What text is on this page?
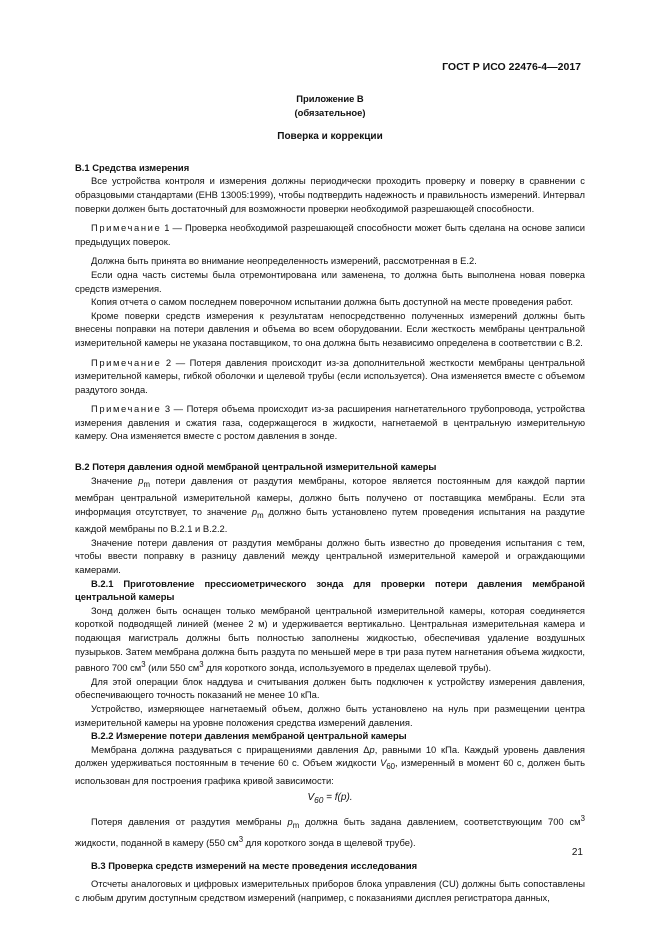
ГОСТ Р ИСО 22476-4—2017

Приложение В

(обязательное)

Поверка и коррекции

В.1 Средства измерения

Все устройства контроля и измерения должны периодически проходить проверку и поверку в сравнении с образцовыми стандартами (ЕНВ 13005:1999), чтобы подтвердить надежность и правильность измерений. Интервал поверки должен быть достаточный для возможности проверки необходимой разрешающей способности.

Примечание 1 — Проверка необходимой разрешающей способности может быть сделана на основе записи предыдущих поверок.

Должна быть принята во внимание неопределенность измерений, рассмотренная в Е.2.

Если одна часть системы была отремонтирована или заменена, то должна быть выполнена новая поверка средств измерения.

Копия отчета о самом последнем поверочном испытании должна быть доступной на месте проведения работ.

Кроме поверки средств измерения к результатам непосредственно полученных измерений должны быть внесены поправки на потери давления и объема во всем оборудовании. Если жесткость мембраны центральной измерительной камеры не указана поставщиком, то она должна быть независимо определена в соответствии с В.2.

Примечание 2 — Потеря давления происходит из-за дополнительной жесткости мембраны центральной измерительной камеры, гибкой оболочки и щелевой трубы (если используется). Она изменяется вместе с объемом раздутого зонда.

Примечание 3 — Потеря объема происходит из-за расширения нагнетательного трубопровода, устройства измерения давления и сжатия газа, содержащегося в жидкости, нагнетаемой в центральную измерительную камеру. Она изменяется вместе с ростом давления в зонде.

В.2 Потеря давления одной мембраной центральной измерительной камеры

Значение $p_m$ потери давления от раздутия мембраны, которое является постоянным для каждой партии мембран центральной измерительной камеры, должно быть получено от поставщика мембраны. Если эта информация отсутствует, то значение $p_m$ должно быть установлено путем проведения испытания на раздутие каждой мембраны по В.2.1 и В.2.2.

Значение потери давления от раздутия мембраны должно быть известно до проведения испытания с тем, чтобы ввести поправку в разницу давлений между центральной измерительной камерой и ограждающими камерами.

В.2.1 Приготовление прессиометрического зонда для проверки потери давления мембраной центральной камеры

Зонд должен быть оснащен только мембраной центральной измерительной камеры, которая соединяется короткой подводящей линией (менее 2 м) и удерживается вертикально. Центральная измерительная камера и подающая магистраль должны быть полностью заполнены жидкостью, обеспечивая удаление воздушных пузырьков. Затем мембрана должна быть раздута по меньшей мере в три раза путем нагнетания объема жидкости, равного 700 $см^3$ (или 550 $см^3$ для короткого зонда, используемого в пределах щелевой трубы).

Для этой операции блок наддува и считывания должен быть подключен к устройству измерения давления, обеспечивающего точность показаний не менее 10 кПа.

Устройство, измеряющее нагнетаемый объем, должно быть установлено на нуль при размещении центра измерительной камеры на уровне положения средства измерений давления.

В.2.2 Измерение потери давления мембраной центральной камеры

Мембрана должна раздуваться с приращениями давления Δp, равными 10 кПа. Каждый уровень давления должен удерживаться постоянным в течение 60 с. Объем жидкости $V_{60}$, измеренный в момент 60 с, должен быть использован для построения графика кривой зависимости:

$V_{60} = f(p)$.

Потеря давления от раздутия мембраны $p_m$ должна быть задана давлением, соответствующим 700 $см^3$ жидкости, поданной в камеру (550 $см^3$ для короткого зонда в щелевой трубе).

В.3 Проверка средств измерений на месте проведения исследования

Отсчеты аналоговых и цифровых измерительных приборов блока управления (CU) должны быть сопоставлены с любым другим доступным средством измерений (например, с показаниями дисплея регистратора данных,

21
